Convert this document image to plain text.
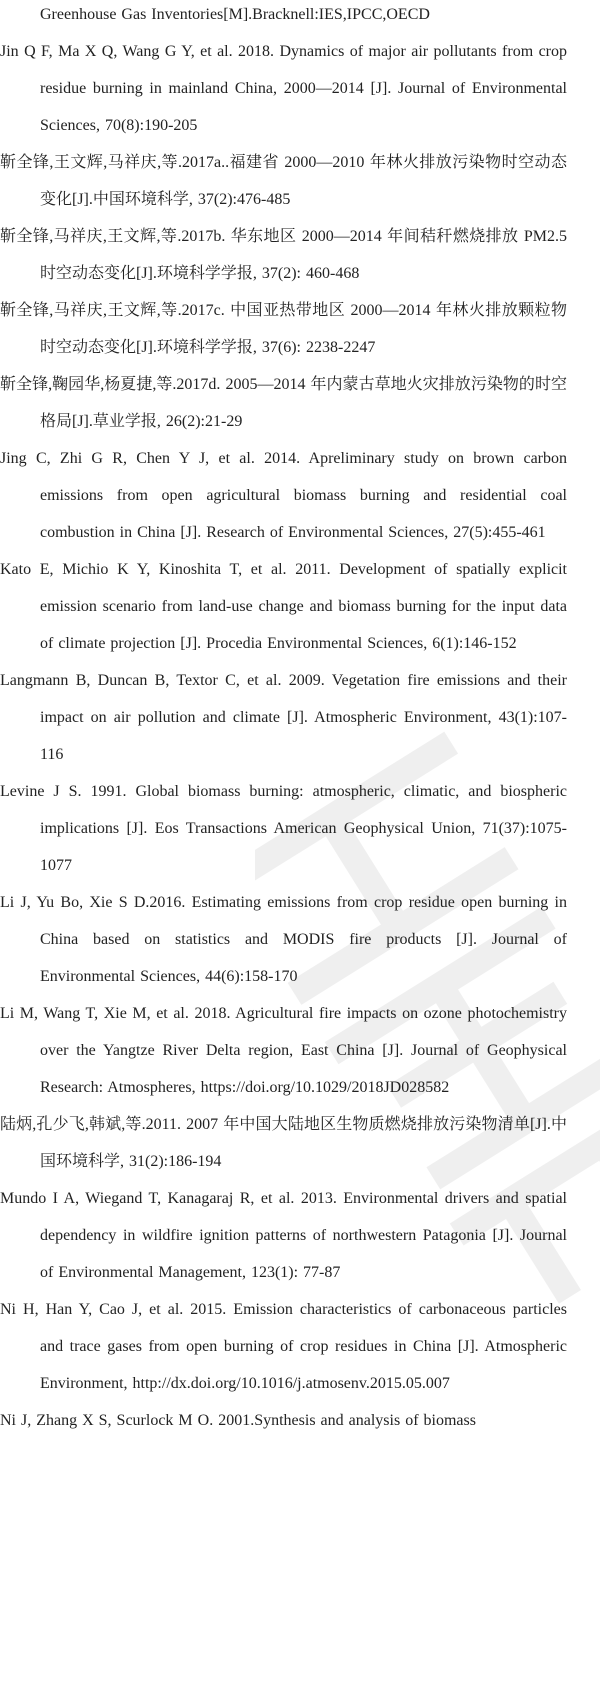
Greenhouse Gas Inventories[M].Bracknell:IES,IPCC,OECD
Jin Q F, Ma X Q, Wang G Y, et al. 2018. Dynamics of major air pollutants from crop residue burning in mainland China, 2000—2014 [J]. Journal of Environmental Sciences, 70(8):190-205
靳全锋,王文辉,马祥庆,等.2017a..福建省 2000—2010 年林火排放污染物时空动态变化[J].中国环境科学, 37(2):476-485
靳全锋,马祥庆,王文辉,等.2017b. 华东地区 2000—2014 年间秸秆燃烧排放 PM2.5 时空动态变化[J].环境科学学报, 37(2): 460-468
靳全锋,马祥庆,王文辉,等.2017c. 中国亚热带地区 2000—2014 年林火排放颗粒物时空动态变化[J].环境科学学报, 37(6): 2238-2247
靳全锋,鞠园华,杨夏捷,等.2017d. 2005—2014 年内蒙古草地火灾排放污染物的时空格局[J].草业学报, 26(2):21-29
Jing C, Zhi G R, Chen Y J, et al. 2014. Apreliminary study on brown carbon emissions from open agricultural biomass burning and residential coal combustion in China [J]. Research of Environmental Sciences, 27(5):455-461
Kato E, Michio K Y, Kinoshita T, et al. 2011. Development of spatially explicit emission scenario from land-use change and biomass burning for the input data of climate projection [J]. Procedia Environmental Sciences, 6(1):146-152
Langmann B, Duncan B, Textor C, et al. 2009. Vegetation fire emissions and their impact on air pollution and climate [J]. Atmospheric Environment, 43(1):107-116
Levine J S. 1991. Global biomass burning: atmospheric, climatic, and biospheric implications [J]. Eos Transactions American Geophysical Union, 71(37):1075-1077
Li J, Yu Bo, Xie S D.2016. Estimating emissions from crop residue open burning in China based on statistics and MODIS fire products [J]. Journal of Environmental Sciences, 44(6):158-170
Li M, Wang T, Xie M, et al. 2018. Agricultural fire impacts on ozone photochemistry over the Yangtze River Delta region, East China [J]. Journal of Geophysical Research: Atmospheres, https://doi.org/10.1029/2018JD028582
陆炳,孔少飞,韩斌,等.2011. 2007 年中国大陆地区生物质燃烧排放污染物清单[J].中国环境科学, 31(2):186-194
Mundo I A, Wiegand T, Kanagaraj R, et al. 2013. Environmental drivers and spatial dependency in wildfire ignition patterns of northwestern Patagonia [J]. Journal of Environmental Management, 123(1): 77-87
Ni H, Han Y, Cao J, et al. 2015. Emission characteristics of carbonaceous particles and trace gases from open burning of crop residues in China [J]. Atmospheric Environment, http://dx.doi.org/10.1016/j.atmosenv.2015.05.007
Ni J, Zhang X S, Scurlock M O. 2001.Synthesis and analysis of biomass
